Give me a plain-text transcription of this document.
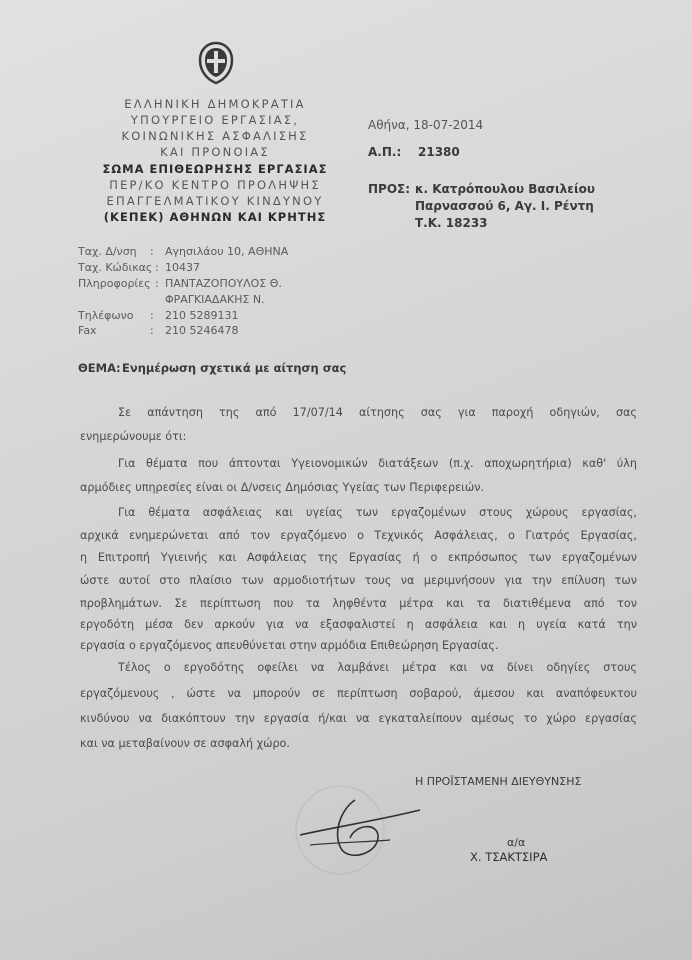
ΕΛΛΗΝΙΚΗ ΔΗΜΟΚΡΑΤΙΑ
ΥΠΟΥΡΓΕΙΟ ΕΡΓΑΣΙΑΣ,
ΚΟΙΝΩΝΙΚΗΣ ΑΣΦΑΛΙΣΗΣ
ΚΑΙ ΠΡΟΝΟΙΑΣ
ΣΩΜΑ ΕΠΙΘΕΩΡΗΣΗΣ ΕΡΓΑΣΙΑΣ
ΠΕΡ/ΚΟ ΚΕΝΤΡΟ ΠΡΟΛΗΨΗΣ
ΕΠΑΓΓΕΛΜΑΤΙΚΟΥ ΚΙΝΔΥΝΟΥ
(ΚΕΠΕΚ) ΑΘΗΝΩΝ ΚΑΙ ΚΡΗΤΗΣ
Αθήνα, 18-07-2014
Α.Π.: 21380
ΠΡΟΣ: κ. Κατρόπουλου Βασιλείου
Παρνασσού 6, Αγ. Ι. Ρέντη
Τ.Κ. 18233
Ταχ. Δ/νση : Αγησιλάου 10, ΑΘΗΝΑ
Ταχ. Κώδικας : 10437
Πληροφορίες : ΠΑΝΤΑΖΟΠΟΥΛΟΣ Θ.
ΦΡΑΓΚΙΑΔΑΚΗΣ Ν.
Τηλέφωνο : 210 5289131
Fax	: 210 5246478
ΘΕΜΑ: Ενημέρωση σχετικά με αίτηση σας
Σε απάντηση της από 17/07/14 αίτησης σας για παροχή οδηγιών, σας
ενημερώνουμε ότι:
Για θέματα που άπτονται Υγειονομικών διατάξεων (π.χ. αποχωρητήρια) καθ' ύλη
αρμόδιες υπηρεσίες είναι οι Δ/νσεις Δημόσιας Υγείας των Περιφερειών.
Για θέματα ασφάλειας και υγείας των εργαζομένων στους χώρους εργασίας,
αρχικά ενημερώνεται από τον εργαζόμενο ο Τεχνικός Ασφάλειας, ο Γιατρός Εργασίας,
η Επιτροπή Υγιεινής και Ασφάλειας της Εργασίας ή ο εκπρόσωπος των εργαζομένων
ώστε αυτοί στο πλαίσιο των αρμοδιοτήτων τους να μεριμνήσουν για την επίλυση των
προβλημάτων. Σε περίπτωση που τα ληφθέντα μέτρα και τα διατιθέμενα από τον
εργοδότη μέσα δεν αρκούν για να εξασφαλιστεί η ασφάλεια και η υγεία κατά την
εργασία ο εργαζόμενος απευθύνεται στην αρμόδια Επιθεώρηση Εργασίας.
Τέλος ο εργοδότης οφείλει να λαμβάνει μέτρα και να δίνει οδηγίες στους
εργαζόμενους , ώστε να μπορούν σε περίπτωση σοβαρού, άμεσου και αναπόφευκτου
κινδύνου να διακόπτουν την εργασία ή/και να εγκαταλείπουν αμέσως το χώρο εργασίας
και να μεταβαίνουν σε ασφαλή χώρο.
Η ΠΡΟΪΣΤΑΜΕΝΗ ΔΙΕΥΘΥΝΣΗΣ
α/α
Χ. ΤΣΑΚΤΣΙΡΑ
